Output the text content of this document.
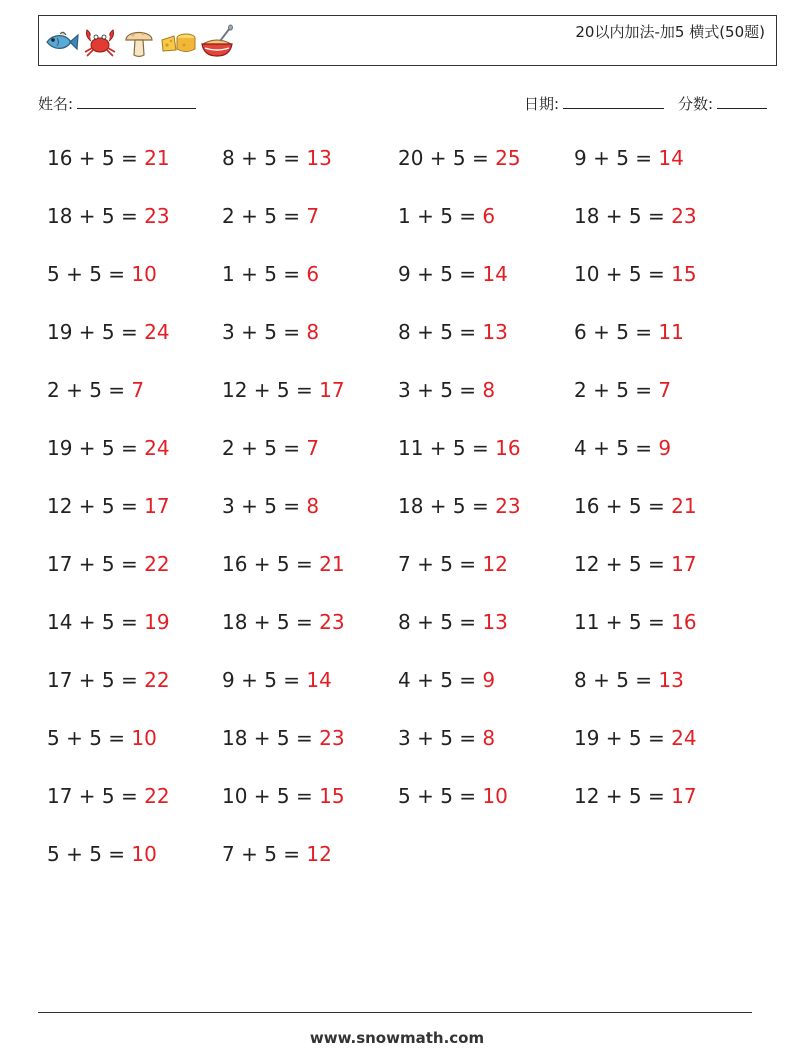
20以内加法-加5 横式(50题)
姓名:	日期:	分数:
16 + 5 = 21	8 + 5 = 13	20 + 5 = 25	9 + 5 = 14
18 + 5 = 23	2 + 5 = 7	1 + 5 = 6	18 + 5 = 23
5 + 5 = 10	1 + 5 = 6	9 + 5 = 14	10 + 5 = 15
19 + 5 = 24	3 + 5 = 8	8 + 5 = 13	6 + 5 = 11
2 + 5 = 7	12 + 5 = 17	3 + 5 = 8	2 + 5 = 7
19 + 5 = 24	2 + 5 = 7	11 + 5 = 16	4 + 5 = 9
12 + 5 = 17	3 + 5 = 8	18 + 5 = 23	16 + 5 = 21
17 + 5 = 22	16 + 5 = 21	7 + 5 = 12	12 + 5 = 17
14 + 5 = 19	18 + 5 = 23	8 + 5 = 13	11 + 5 = 16
17 + 5 = 22	9 + 5 = 14	4 + 5 = 9	8 + 5 = 13
5 + 5 = 10	18 + 5 = 23	3 + 5 = 8	19 + 5 = 24
17 + 5 = 22	10 + 5 = 15	5 + 5 = 10	12 + 5 = 17
5 + 5 = 10	7 + 5 = 12
www.snowmath.com
